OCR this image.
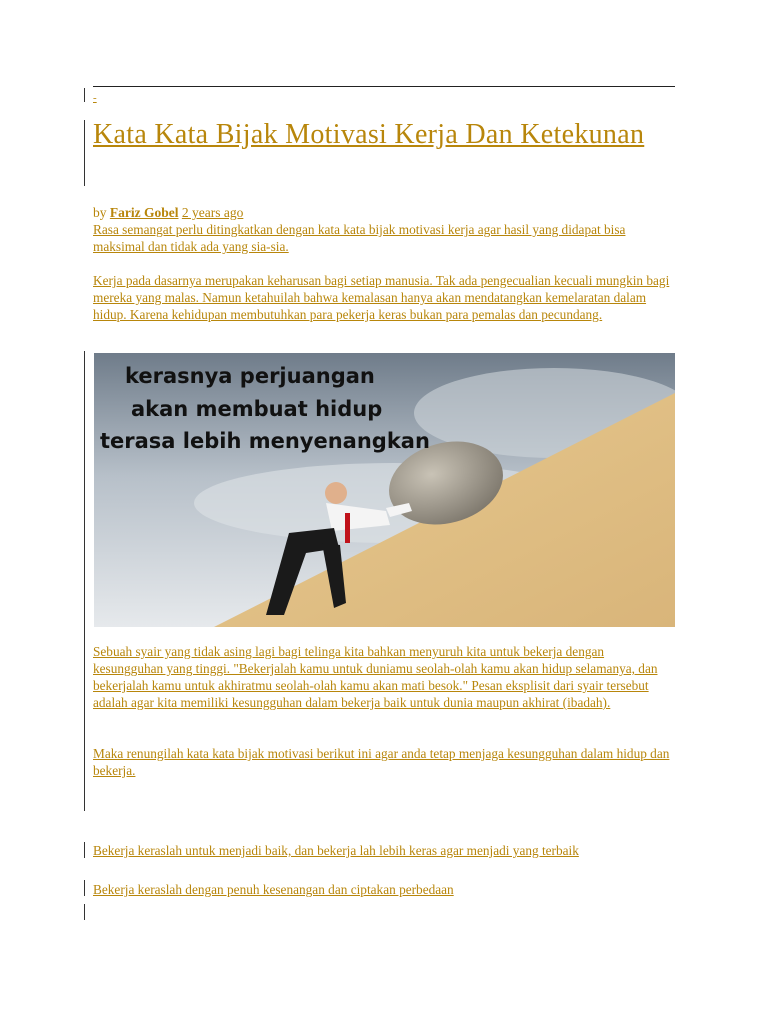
-
Kata Kata Bijak Motivasi Kerja Dan Ketekunan
by Fariz Gobel 2 years ago

Rasa semangat perlu ditingkatkan dengan kata kata bijak motivasi kerja agar hasil yang didapat bisa maksimal dan tidak ada yang sia-sia.

Kerja pada dasarnya merupakan keharusan bagi setiap manusia. Tak ada pengecualian kecuali mungkin bagi mereka yang malas. Namun ketahuilah bahwa kemalasan hanya akan mendatangkan kemelaratan dalam hidup. Karena kehidupan membutuhkan para pekerja keras bukan para pemalas dan pecundang.

kerasnya perjuangan
akan membuat hidup
terasa lebih menyenangkan

Sebuah syair yang tidak asing lagi bagi telinga kita bahkan menyuruh kita untuk bekerja dengan kesungguhan yang tinggi. "Bekerjalah kamu untuk duniamu seolah-olah kamu akan hidup selamanya, dan bekerjalah kamu untuk akhiratmu seolah-olah kamu akan mati besok." Pesan eksplisit dari syair tersebut adalah agar kita memiliki kesungguhan dalam bekerja baik untuk dunia maupun akhirat (ibadah).

Maka renungilah kata kata bijak motivasi berikut ini agar anda tetap menjaga kesungguhan dalam hidup dan bekerja.

Bekerja keraslah untuk menjadi baik, dan bekerja lah lebih keras agar menjadi yang terbaik

Bekerja keraslah dengan penuh kesenangan dan ciptakan perbedaan
